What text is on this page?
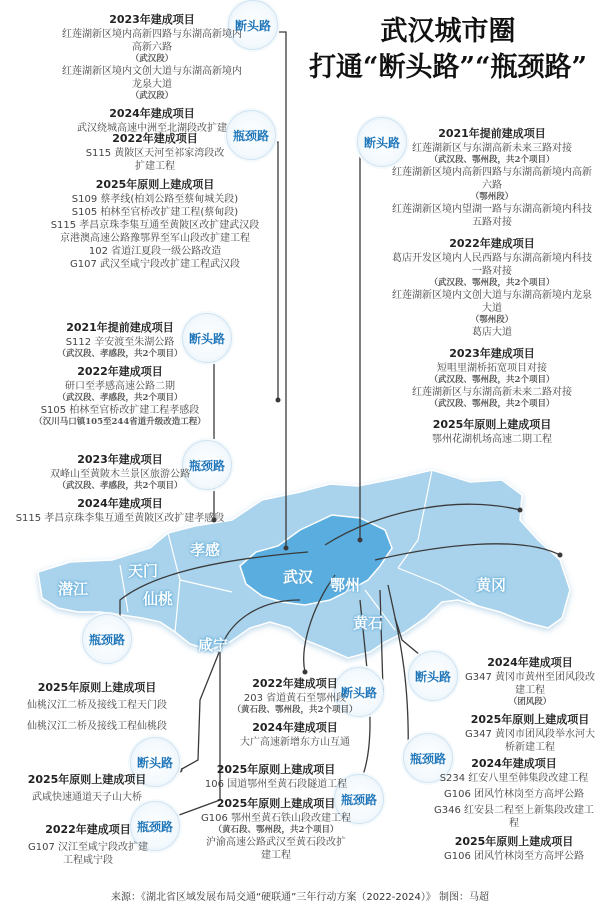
武汉城市圈
打通“断头路”“瓶颈路”
断头路
瓶颈路	断头路
断头路
瓶颈路
瓶颈路
断头路
断头路
断头路	瓶颈路
瓶颈路
瓶颈路
武汉 鄂州
孝感
黄冈
黄石
咸宁
仙桃
天门
潜江
2023年建成项目
红莲湖新区境内高新四路与东湖高新境内高新六路
（武汉段）
红莲湖新区境内文创大道与东湖高新境内龙泉大道
（武汉段）
2024年建成项目
武汉绕城高速中洲至北湖段改扩建
2022年建成项目
S115 黄陂区天河至祁家湾段改扩建工程
2025年原则上建成项目
S109 蔡孝线(柏刘公路至蔡甸城关段)
S105 柏林至官桥改扩建工程(蔡甸段)
S115 孝昌京珠李集互通至黄陂区改扩建武汉段
京港澳高速公路豫鄂界至军山段改扩建工程
102 省道江夏段一级公路改造
G107 武汉至咸宁段改扩建工程武汉段
2021年提前建成项目
S112 辛安渡至朱湖公路
（武汉段、孝感段，共2个项目）
2022年建成项目
研口至孝感高速公路二期
（武汉段、孝感段，共2个项目）
S105 柏林至官桥改扩建工程孝感段
（汉川马口镇105至244省道升级改造工程）
2023年建成项目
双峰山至黄陂木兰景区旅游公路
（武汉段、孝感段，共2个项目）
2024年建成项目
S115 孝昌京珠李集互通至黄陂区改扩建孝感段
2021年提前建成项目
红莲湖新区与东湖高新未来三路对接
（武汉段、鄂州段，共2个项目）
红莲湖新区境内高新四路与东湖高新境内高新六路
（鄂州段）
红莲湖新区境内望湖一路与东湖高新境内科技五路对接
2022年建成项目
葛店开发区境内人民西路与东湖高新境内科技一路对接
（武汉段、鄂州段，共2个项目）
红莲湖新区境内文创大道与东湖高新境内龙泉大道
（鄂州段）
葛店大道
2023年建成项目
短咀里湖桥拓宽项目对接
（武汉段、鄂州段，共2个项目）
红莲湖新区与东湖高新未来二路对接
（武汉段、鄂州段，共2个项目）
2025年原则上建成项目
鄂州花湖机场高速二期工程
2025年原则上建成项目
仙桃汉江二桥及接线工程天门段
仙桃汉江二桥及接线工程仙桃段
2022年建成项目
203 省道黄石至鄂州段
（黄石段、鄂州段，共2个项目）
2024年建成项目
大广高速新增东方山互通
2025年原则上建成项目
武咸快速通道天子山大桥
2025年原则上建成项目
106 国道鄂州至黄石段隧道工程
2025年原则上建成项目
G106 鄂州至黄石铁山段改建工程
（黄石段、鄂州段，共2个项目）
沪渝高速公路武汉至黄石段改扩建工程
2022年建成项目
G107 汉江至咸宁段改扩建工程咸宁段
2024年建成项目
G347 黄冈市黄州至团风段改建工程
（团风段）
2025年原则上建成项目
G347 黄冈市团风段举水河大桥新建工程
2024年建成项目
S234 红安八里至韩集段改建工程
G106 团风竹林岗至方高坪公路
G346 红安县二程至上新集段改建工程
2025年原则上建成项目
G106 团风竹林岗至方高坪公路
来源：《湖北省区域发展布局交通“硬联通”三年行动方案（2022-2024）》 制图：马超
